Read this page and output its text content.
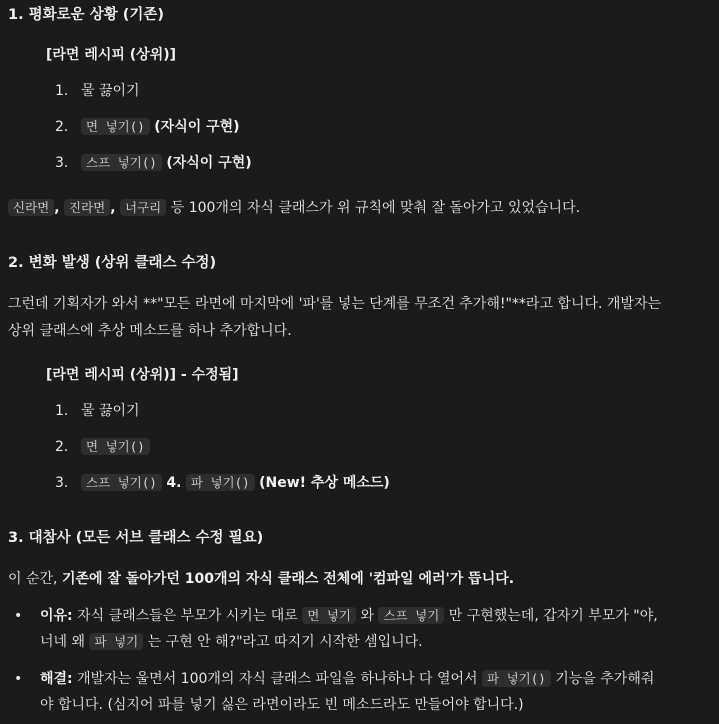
1. 평화로운 상황 (기존)
[라면 레시피 (상위)]
1. 물 끓이기
2. 면 넣기() (자식이 구현)
3. 스프 넣기() (자식이 구현)

신라면 , 진라면 , 너구리 등 100개의 자식 클래스가 위 규칙에 맞춰 잘 돌아가고 있었습니다.

2. 변화 발생 (상위 클래스 수정)

그런데 기획자가 와서 **"모든 라면에 마지막에 '파'를 넣는 단계를 무조건 추가해!"**라고 합니다. 개발자는

상위 클래스에 추상 메소드를 하나 추가합니다.

[라면 레시피 (상위)] - 수정됨]
1. 물 끓이기
2. 면 넣기()
3. 스프 넣기() 4. 파 넣기() (New! 추상 메소드)
3. 대참사 (모든 서브 클래스 수정 필요)

이 순간, 기존에 잘 돌아가던 100개의 자식 클래스 전체에 '컴파일 에러'가 뜹니다.

• 이유: 자식 클래스들은 부모가 시키는 대로 면 넣기 와 스프 넣기 만 구현했는데, 갑자기 부모가 "야,
너네 왜 파 넣기 는 구현 안 해?"라고 따지기 시작한 셈입니다.
• 해결: 개발자는 울면서 100개의 자식 클래스 파일을 하나하나 다 열어서 파 넣기() 기능을 추가해줘
야 합니다. (심지어 파를 넣기 싫은 라면이라도 빈 메소드라도 만들어야 합니다.)
